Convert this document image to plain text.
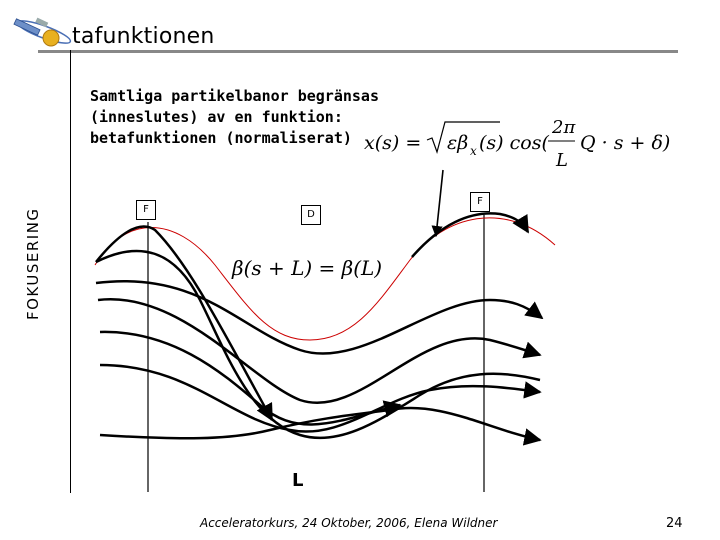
tafunktionen
FOKUSERING
Samtliga partikelbanor begränsas
(inneslutes) av en funktion:
betafunktionen (normaliserat) x(s) = εβ x (s) cos(
2π
L
Q · s + δ)
β(s + L) = β(L)
F	D
F
L
Acceleratorkurs, 24 Oktober, 2006, Elena Wildner	24
